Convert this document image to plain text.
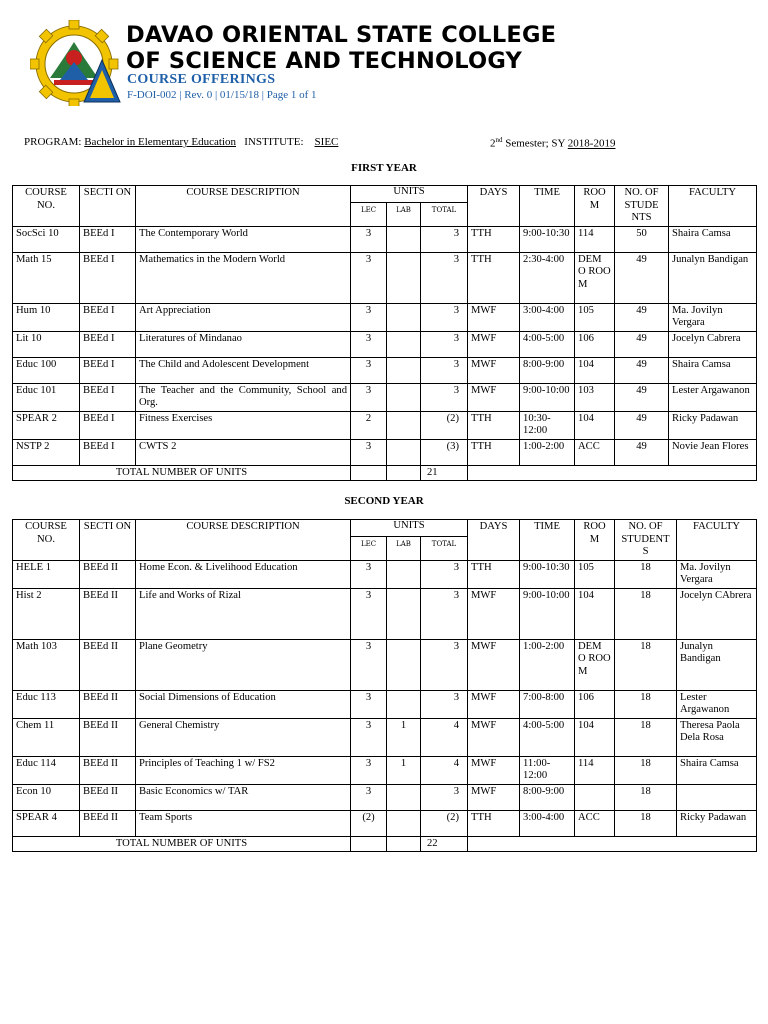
DAVAO ORIENTAL STATE COLLEGE
OF SCIENCE AND TECHNOLOGY
COURSE OFFERINGS
F-DOI-002 | Rev. 0 | 01/15/18 | Page 1 of 1
PROGRAM: Bachelor in Elementary Education INSTITUTE: SIEC	2nd Semester; SY 2018-2019
FIRST YEAR
COURSE NO.	SECTI ON	COURSE DESCRIPTION	UNITS			DAYS	TIME	ROO M	NO. OF STUDE NTS	FACULTY
			LEC	LAB	TOTAL					
SocSci 10	BEEd I	The Contemporary World	3		3	TTH	9:00-10:30	114	50	Shaira Camsa
Math 15	BEEd I	Mathematics in the Modern World	3		3	TTH	2:30-4:00	DEM O ROO M	49	Junalyn Bandigan
Hum 10	BEEd I	Art Appreciation	3		3	MWF	3:00-4:00	105	49	Ma. Jovilyn Vergara
Lit 10	BEEd I	Literatures of Mindanao	3		3	MWF	4:00-5:00	106	49	Jocelyn Cabrera
Educ 100	BEEd I	The Child and Adolescent Development	3		3	MWF	8:00-9:00	104	49	Shaira Camsa
Educ 101	BEEd I	The Teacher and the Community, School and Org.	3		3	MWF	9:00-10:00	103	49	Lester Argawanon
SPEAR 2	BEEd I	Fitness Exercises	2		(2)	TTH	10:30-12:00	104	49	Ricky Padawan
NSTP 2	BEEd I	CWTS 2	3		(3)	TTH	1:00-2:00	ACC	49	Novie Jean Flores
TOTAL NUMBER OF UNITS					21					
SECOND YEAR
COURSE NO.	SECTI ON	COURSE DESCRIPTION	UNITS			DAYS	TIME	ROO M	NO. OF STUDENT S	FACULTY
			LEC	LAB	TOTAL					
HELE 1	BEEd II	Home Econ. & Livelihood Education	3		3	TTH	9:00-10:30	105	18	Ma. Jovilyn Vergara
Hist 2	BEEd II	Life and Works of Rizal	3		3	MWF	9:00-10:00	104	18	Jocelyn CAbrera
Math 103	BEEd II	Plane Geometry	3		3	MWF	1:00-2:00	DEM O ROO M	18	Junalyn Bandigan
Educ 113	BEEd II	Social Dimensions of Education	3		3	MWF	7:00-8:00	106	18	Lester Argawanon
Chem 11	BEEd II	General Chemistry	3	1	4	MWF	4:00-5:00	104	18	Theresa Paola Dela Rosa
Educ 114	BEEd II	Principles of Teaching 1 w/ FS2	3	1	4	MWF	11:00-12:00	114	18	Shaira Camsa
Econ 10	BEEd II	Basic Economics w/ TAR	3		3	MWF	8:00-9:00		18	
SPEAR 4	BEEd II	Team Sports	(2)		(2)	TTH	3:00-4:00	ACC	18	Ricky Padawan
TOTAL NUMBER OF UNITS					22					
